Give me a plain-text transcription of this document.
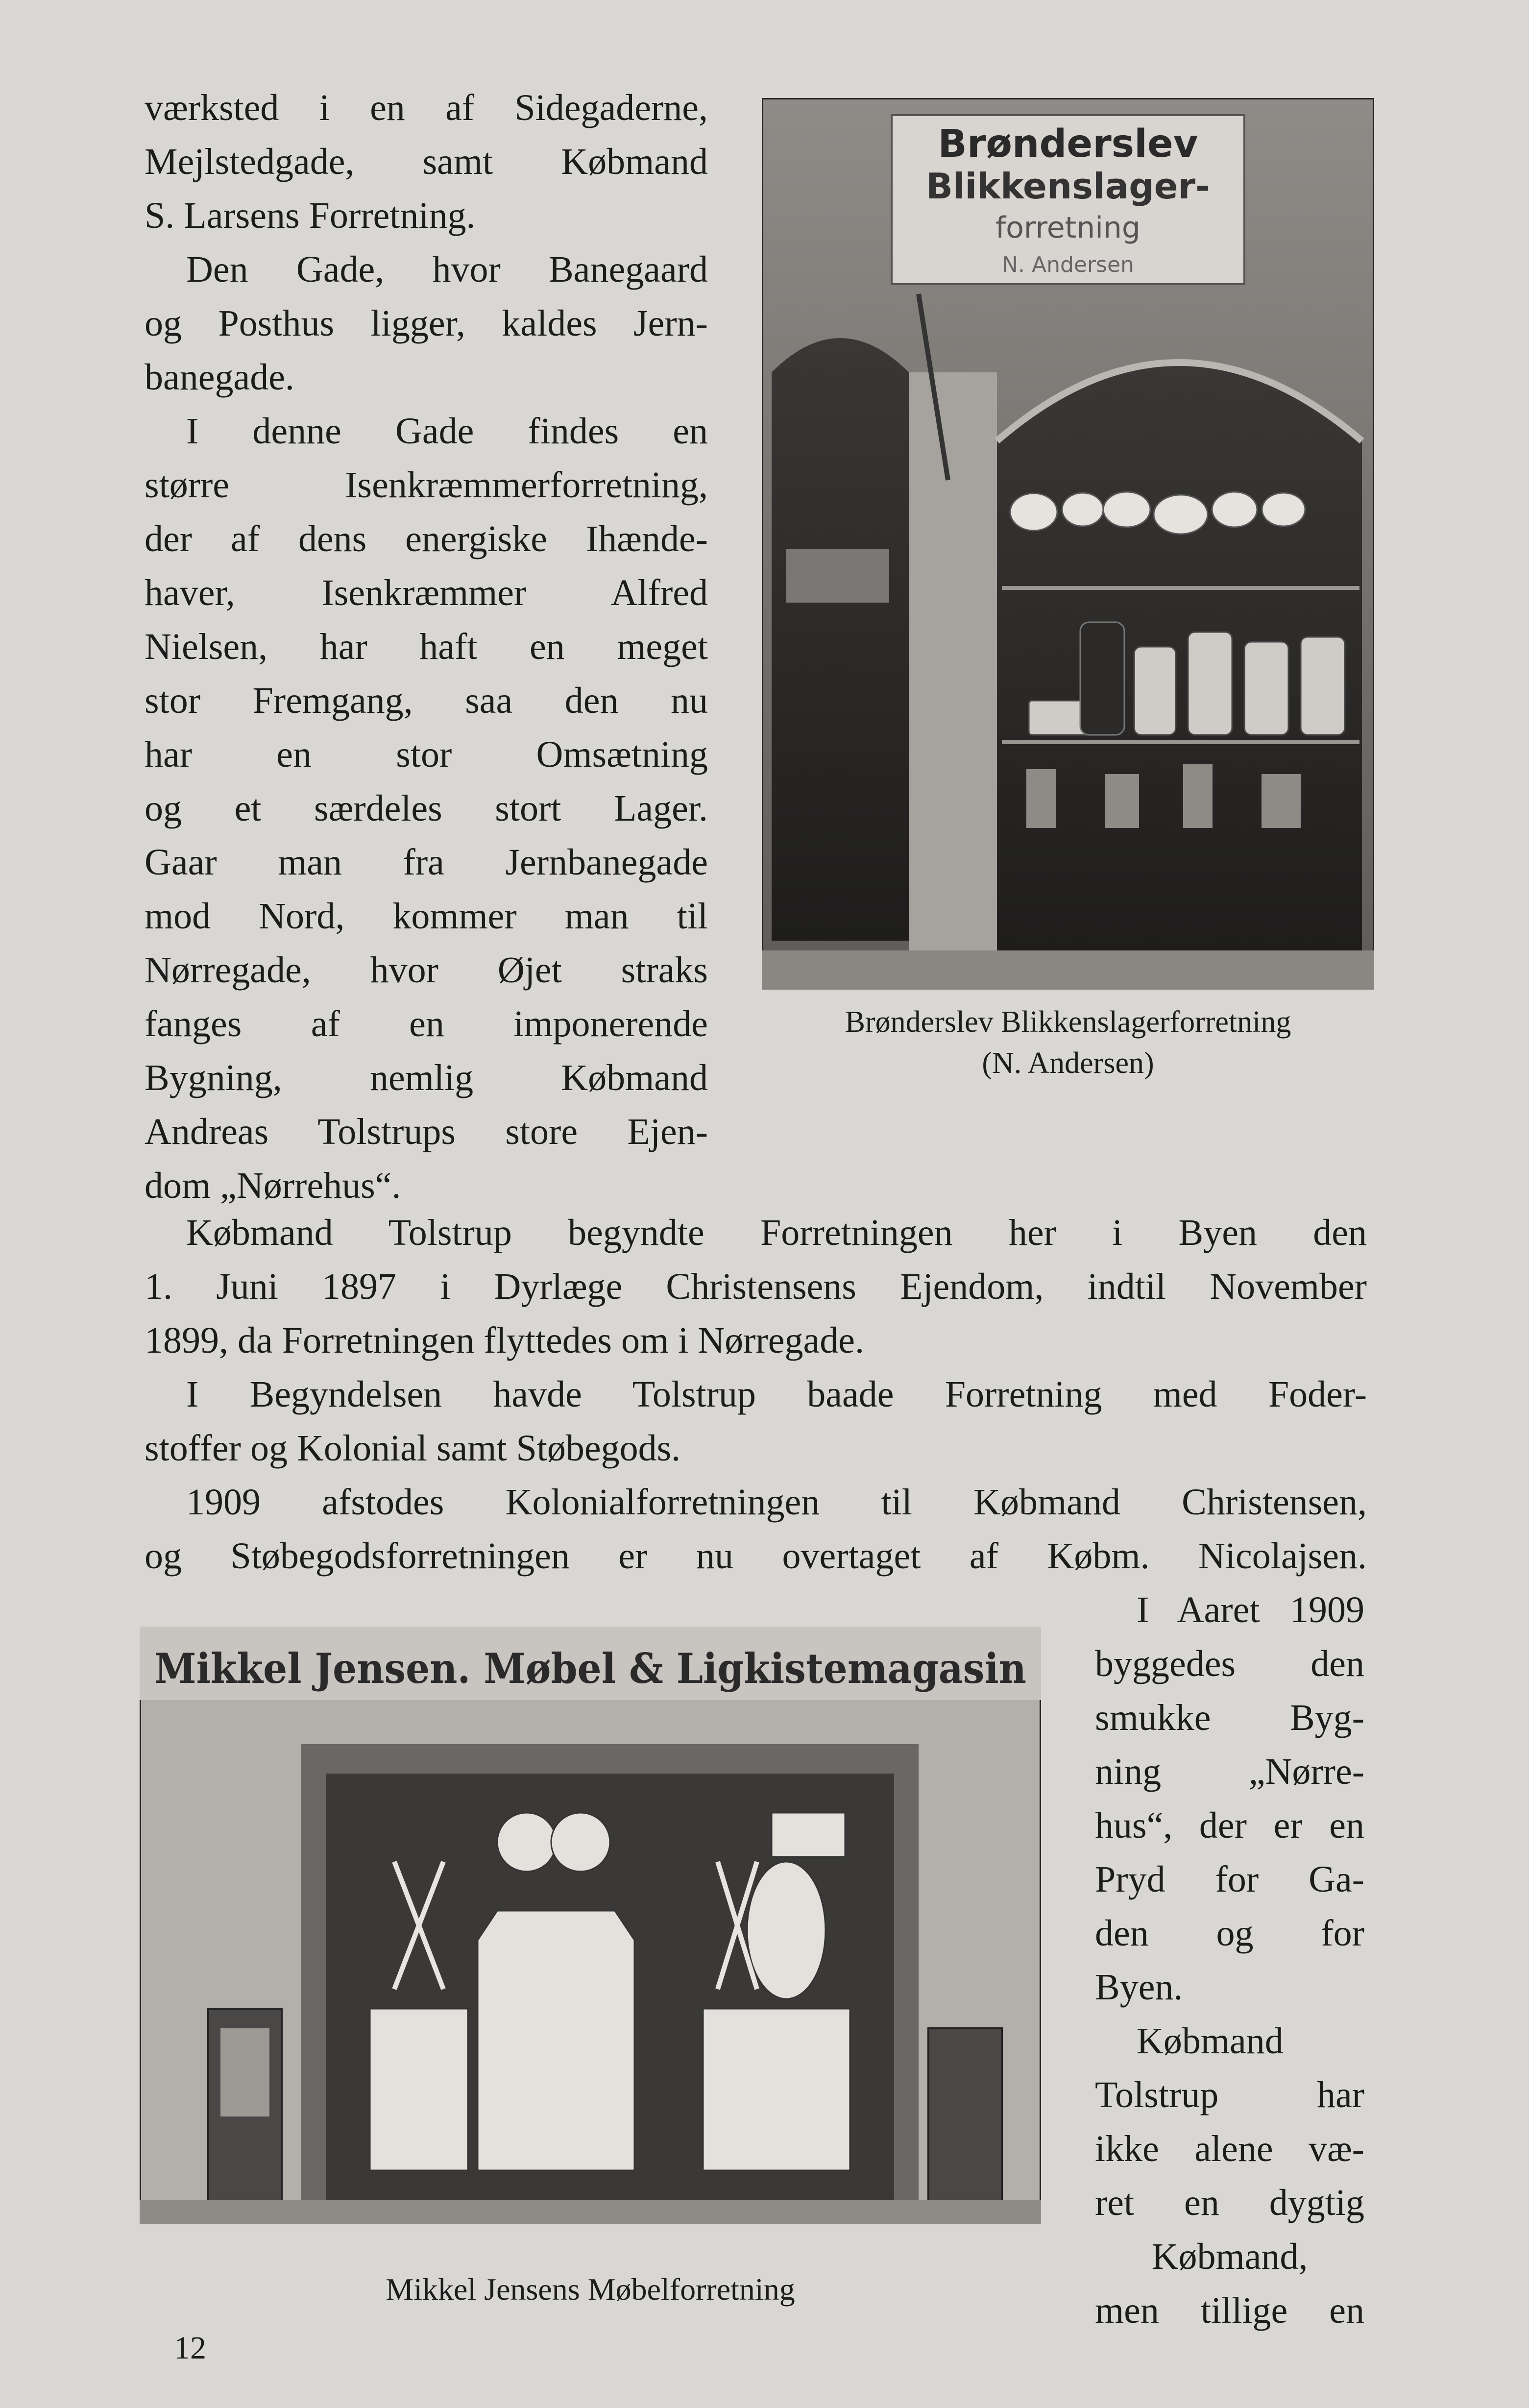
værksted i en af Sidegaderne,

Mejlstedgade, samt Købmand

S. Larsens Forretning.

Den Gade, hvor Banegaard

og Posthus ligger, kaldes Jern-

banegade.

I denne Gade findes en

større Isenkræmmerforretning,

der af dens energiske Ihænde-

haver, Isenkræmmer Alfred

Nielsen, har haft en meget

stor Fremgang, saa den nu

har en stor Omsætning

og et særdeles stort Lager.

Gaar man fra Jernbanegade

mod Nord, kommer man til

Nørregade, hvor Øjet straks

fanges af en imponerende

Bygning, nemlig Købmand

Andreas Tolstrups store Ejen-

dom „Nørrehus“.

Brønderslev
Blikkenslager-
forretning
N. Andersen
Brønderslev Blikkenslagerforretning
(N. Andersen)

Købmand Tolstrup begyndte Forretningen her i Byen den

1. Juni 1897 i Dyrlæge Christensens Ejendom, indtil November

1899, da Forretningen flyttedes om i Nørregade.

I Begyndelsen havde Tolstrup baade Forretning med Foder-

stoffer og Kolonial samt Støbegods.

1909 afstodes Kolonialforretningen til Købmand Christensen,

og Støbegodsforretningen er nu overtaget af Købm. Nicolajsen.

Mikkel Jensen. Møbel & Ligkistemagasin
Mikkel Jensens Møbelforretning

I Aaret 1909

byggedes den

smukke Byg-

ning „Nørre-

hus“, der er en

Pryd for Ga-

den og for

Byen.

Købmand

Tolstrup har

ikke alene væ-

ret en dygtig

Købmand,

men tillige en

12
